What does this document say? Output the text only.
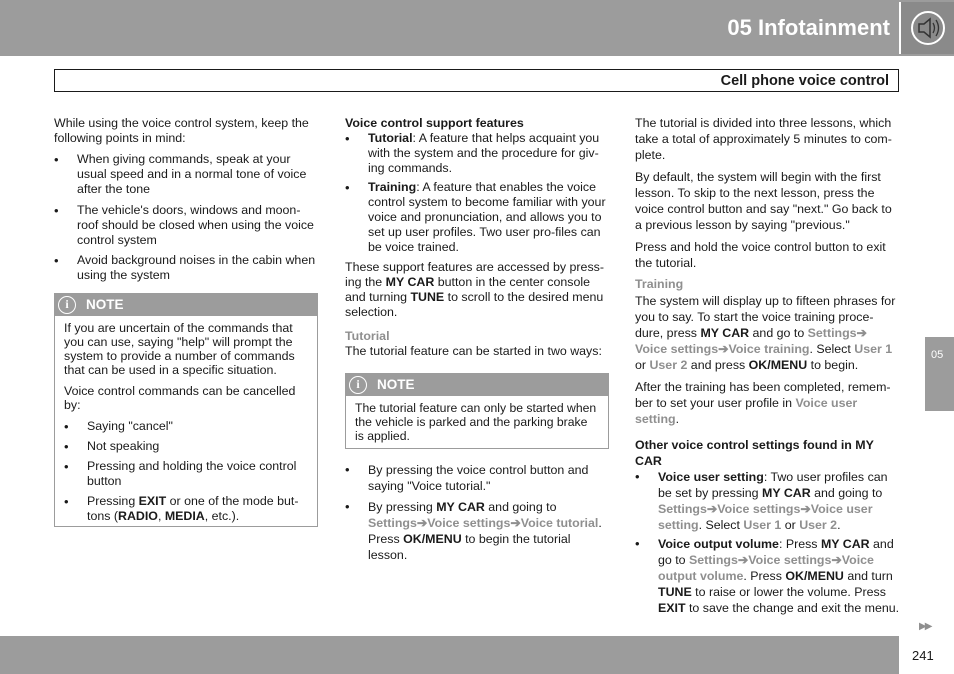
05 Infotainment
Cell phone voice control

While using the voice control system, keep the following points in mind:

• When giving commands, speak at your usual speed and in a normal tone of voice after the tone
• The vehicle's doors, windows and moon-roof should be closed when using the voice control system
• Avoid background noises in the cabin when using the system
i	NOTE

If you are uncertain of the commands that you can use, saying "help" will prompt the system to provide a number of commands that can be used in a specific situation.

Voice control commands can be cancelled by:

• Saying "cancel"
• Not speaking
• Pressing and holding the voice control button
• Pressing EXIT or one of the mode but-tons (RADIO, MEDIA, etc.).
Voice control support features
• Tutorial: A feature that helps acquaint you with the system and the procedure for giv-ing commands.
• Training: A feature that enables the voice control system to become familiar with your voice and pronunciation, and allows you to set up user profiles. Two user pro-files can be voice trained.

These support features are accessed by press-ing the MY CAR button in the center console and turning TUNE to scroll to the desired menu selection.

Tutorial

The tutorial feature can be started in two ways:

i	NOTE

The tutorial feature can only be started when the vehicle is parked and the parking brake is applied.

• By pressing the voice control button and saying "Voice tutorial."
• By pressing MY CAR and going to Settings➔Voice settings➔Voice tutorial. Press OK/MENU to begin the tutorial lesson.

The tutorial is divided into three lessons, which take a total of approximately 5 minutes to com-plete.

By default, the system will begin with the first lesson. To skip to the next lesson, press the voice control button and say "next." Go back to a previous lesson by saying "previous."

Press and hold the voice control button to exit the tutorial.

Training

The system will display up to fifteen phrases for you to say. To start the voice training proce-dure, press MY CAR and go to Settings➔ Voice settings➔Voice training. Select User 1 or User 2 and press OK/MENU to begin.

After the training has been completed, remem-ber to set your user profile in Voice user setting.

Other voice control settings found in MY CAR
• Voice user setting: Two user profiles can be set by pressing MY CAR and going to Settings➔Voice settings➔Voice user setting. Select User 1 or User 2.
• Voice output volume: Press MY CAR and go to Settings➔Voice settings➔Voice output volume. Press OK/MENU and turn TUNE to raise or lower the volume. Press EXIT to save the change and exit the menu.
05
▶▶
241
